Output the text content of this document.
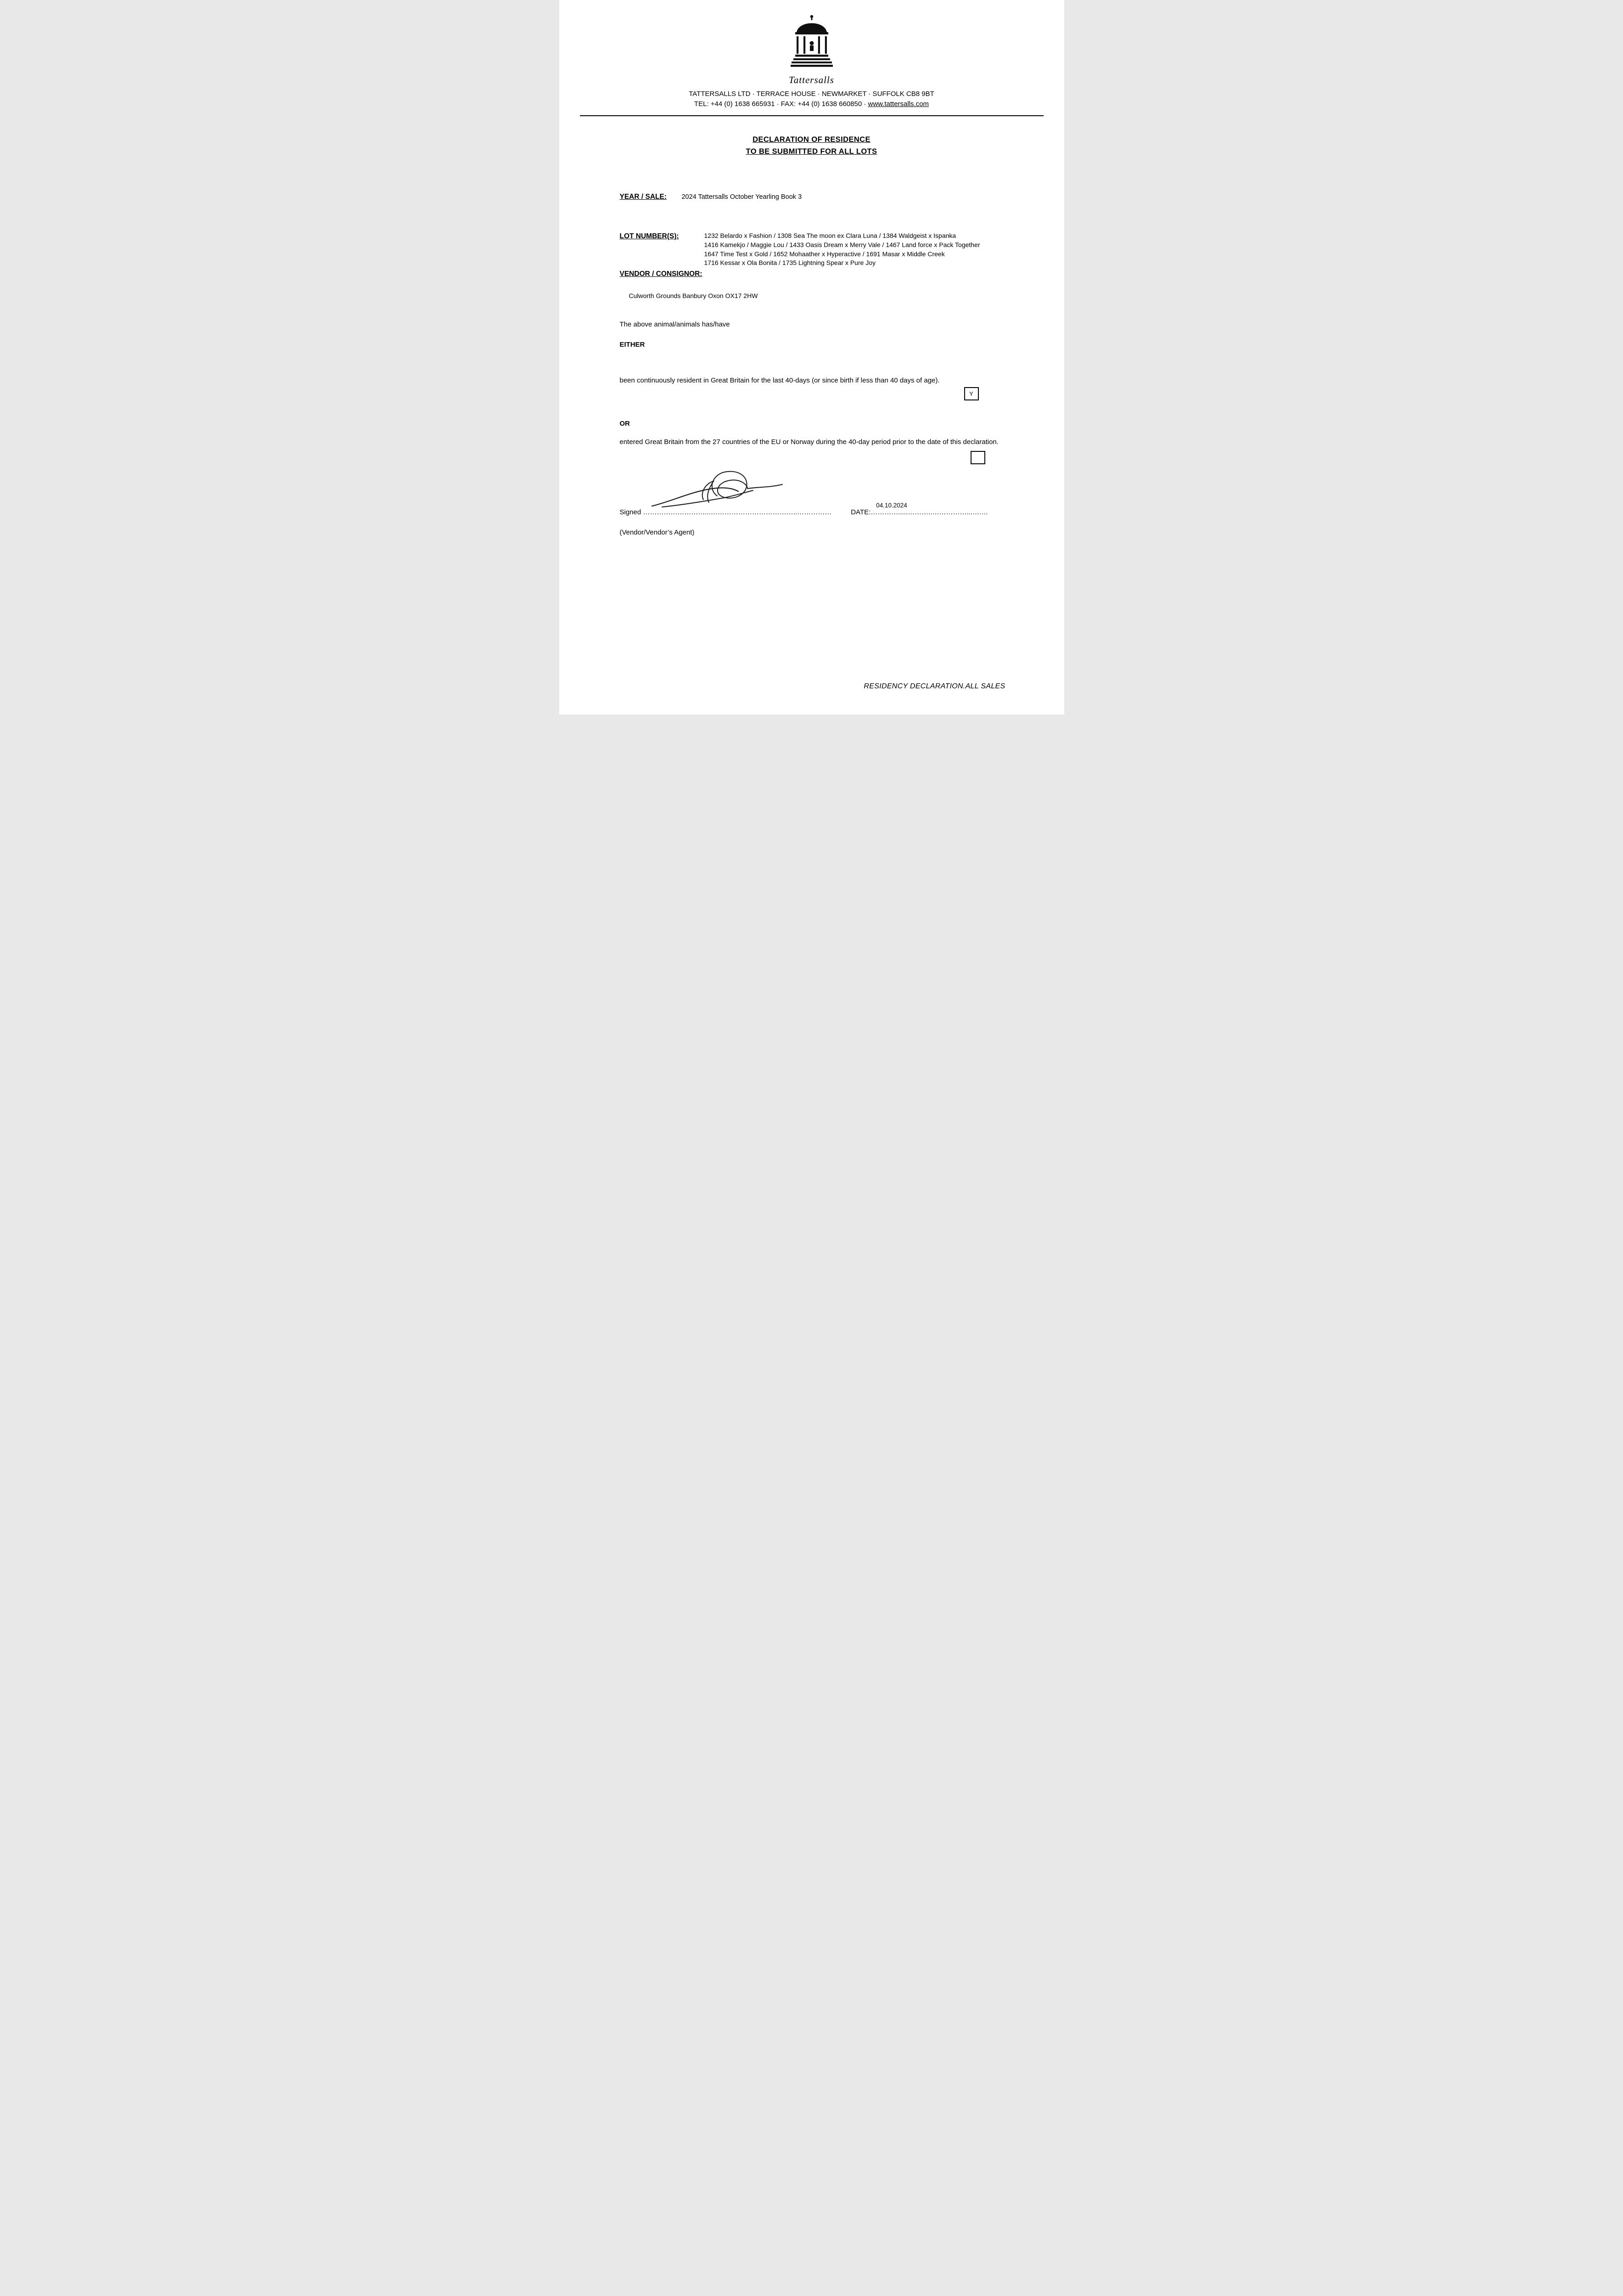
Tattersalls
TATTERSALLS LTD · TERRACE HOUSE · NEWMARKET · SUFFOLK CB8 9BT
TEL: +44 (0) 1638 665931 · FAX: +44 (0) 1638 660850 · www.tattersalls.com
DECLARATION OF RESIDENCE
TO BE SUBMITTED FOR ALL LOTS
YEAR / SALE: 2024 Tattersalls October Yearling Book 3
LOT NUMBER(S):	1232 Belardo x Fashion / 1308 Sea The moon ex Clara Luna / 1384 Waldgeist x Ispanka
1416 Kamekjo / Maggie Lou / 1433 Oasis Dream x Merry Vale / 1467 Land force x Pack Together
1647 Time Test x Gold / 1652 Mohaather x Hyperactive / 1691 Masar x Middle Creek
1716 Kessar x Ola Bonita / 1735 Lightning Spear x Pure Joy
VENDOR / CONSIGNOR:
Culworth Grounds Banbury Oxon OX17 2HW
The above animal/animals has/have
EITHER
been continuously resident in Great Britain for the last 40-days (or since birth if less than 40 days of age).
Y
OR
entered Great Britain from the 27 countries of the EU or Norway during the 40-day period prior to the date of this declaration.
Signed ………………………...………………………………..……………
04.10.2024
DATE:………….....………..……………...….…
(Vendor/Vendor’s Agent)
RESIDENCY DECLARATION.ALL SALES
